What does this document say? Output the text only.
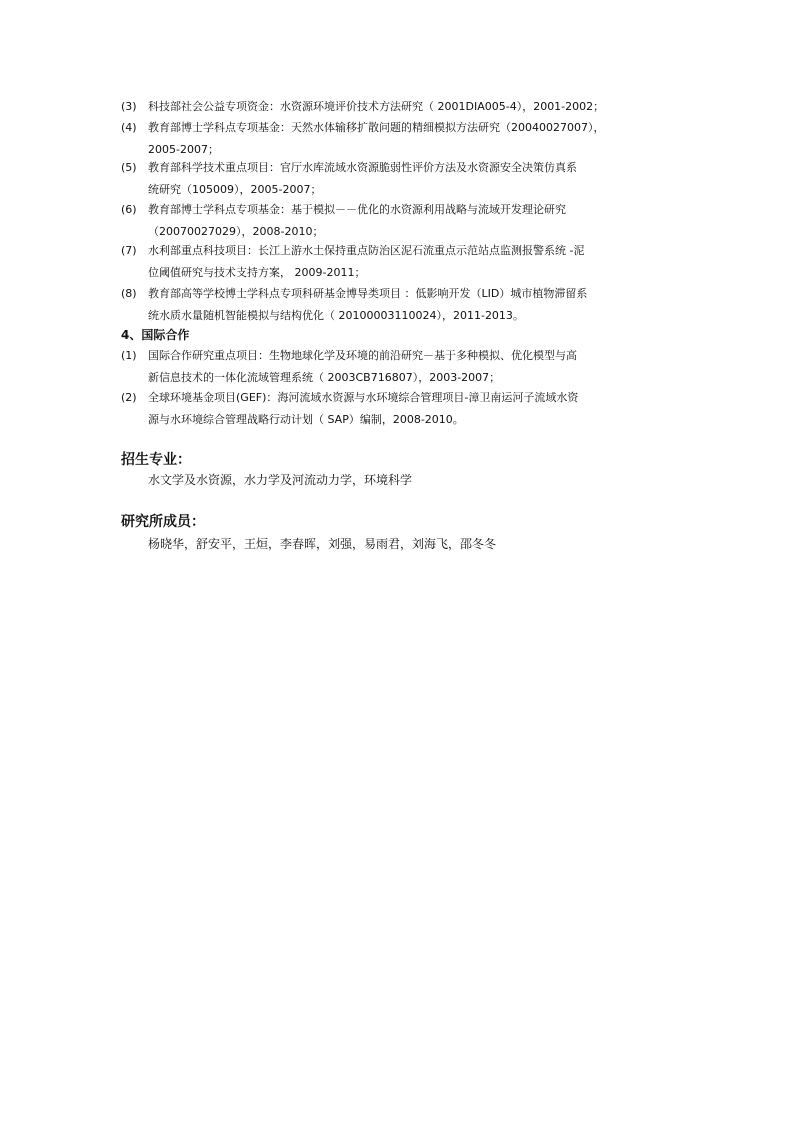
(3)	科技部社会公益专项资金：水资源环境评价技术方法研究（ 2001DIA005-4），2001-2002；
(4)	教育部博士学科点专项基金：天然水体输移扩散问题的精细模拟方法研究（20040027007），
2005-2007；
(5)	教育部科学技术重点项目：官厅水库流域水资源脆弱性评价方法及水资源安全决策仿真系
统研究（105009），2005-2007；
(6)	教育部博士学科点专项基金：基于模拟－－优化的水资源利用战略与流域开发理论研究
（20070027029），2008-2010；
(7)	水利部重点科技项目：长江上游水土保持重点防治区泥石流重点示范站点监测报警系统 -泥
位阈值研究与技术支持方案， 2009-2011；
(8)	教育部高等学校博士学科点专项科研基金博导类项目 ：低影响开发（LID）城市植物滞留系
统水质水量随机智能模拟与结构优化（ 20100003110024），2011-2013。
4、国际合作
(1)	国际合作研究重点项目：生物地球化学及环境的前沿研究－基于多种模拟、优化模型与高
新信息技术的一体化流域管理系统（ 2003CB716807），2003-2007；
(2)	全球环境基金项目(GEF)：海河流域水资源与水环境综合管理项目-漳卫南运河子流域水资
源与水环境综合管理战略行动计划（ SAP）编制，2008-2010。
招生专业：
水文学及水资源，水力学及河流动力学，环境科学
研究所成员：
杨晓华，舒安平，王烜，李春晖，刘强，易雨君，刘海飞，邵冬冬
